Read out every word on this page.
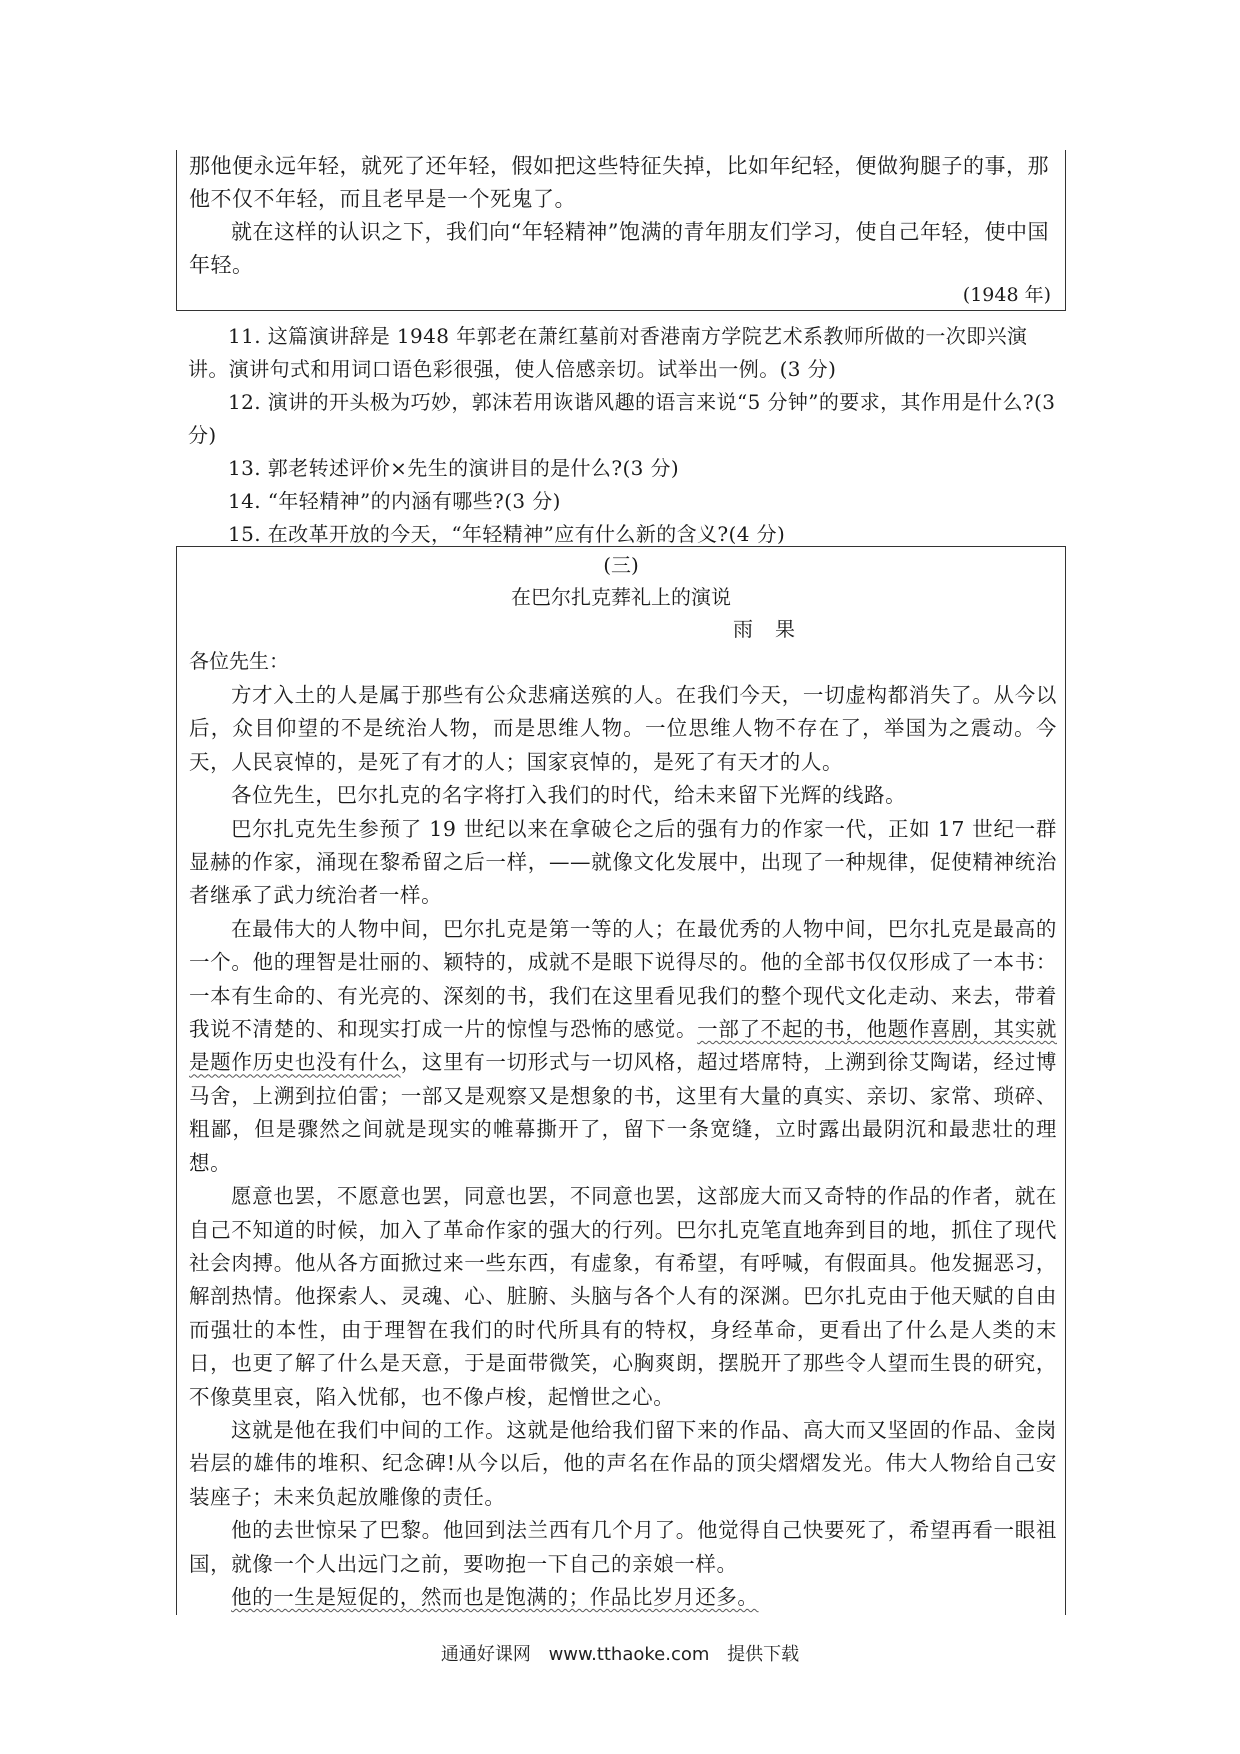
那他便永远年轻，就死了还年轻，假如把这些特征失掉，比如年纪轻，便做狗腿子的事，那他不仅不年轻，而且老早是一个死鬼了。
就在这样的认识之下，我们向“年轻精神”饱满的青年朋友们学习，使自己年轻，使中国年轻。
(1948 年)

11. 这篇演讲辞是 1948 年郭老在萧红墓前对香港南方学院艺术系教师所做的一次即兴演讲。演讲句式和用词口语色彩很强，使人倍感亲切。试举出一例。(3 分)

12. 演讲的开头极为巧妙，郭沫若用诙谐风趣的语言来说“5 分钟”的要求，其作用是什么?(3 分)

13. 郭老转述评价×先生的演讲目的是什么?(3 分)

14. “年轻精神”的内涵有哪些?(3 分)

15. 在改革开放的今天，“年轻精神”应有什么新的含义?(4 分)

(三)
在巴尔扎克葬礼上的演说
雨果
各位先生：

方才入土的人是属于那些有公众悲痛送殡的人。在我们今天，一切虚构都消失了。从今以后，众目仰望的不是统治人物，而是思维人物。一位思维人物不存在了，举国为之震动。今天，人民哀悼的，是死了有才的人；国家哀悼的，是死了有天才的人。

各位先生，巴尔扎克的名字将打入我们的时代，给未来留下光辉的线路。

巴尔扎克先生参预了 19 世纪以来在拿破仑之后的强有力的作家一代，正如 17 世纪一群显赫的作家，涌现在黎希留之后一样，——就像文化发展中，出现了一种规律，促使精神统治者继承了武力统治者一样。

在最伟大的人物中间，巴尔扎克是第一等的人；在最优秀的人物中间，巴尔扎克是最高的一个。他的理智是壮丽的、颖特的，成就不是眼下说得尽的。他的全部书仅仅形成了一本书：一本有生命的、有光亮的、深刻的书，我们在这里看见我们的整个现代文化走动、来去，带着我说不清楚的、和现实打成一片的惊惶与恐怖的感觉。一部了不起的书，他题作喜剧，其实就是题作历史也没有什么，这里有一切形式与一切风格，超过塔席特，上溯到徐艾陶诺，经过博马舍，上溯到拉伯雷；一部又是观察又是想象的书，这里有大量的真实、亲切、家常、琐碎、粗鄙，但是骤然之间就是现实的帷幕撕开了，留下一条宽缝，立时露出最阴沉和最悲壮的理想。

愿意也罢，不愿意也罢，同意也罢，不同意也罢，这部庞大而又奇特的作品的作者，就在自己不知道的时候，加入了革命作家的强大的行列。巴尔扎克笔直地奔到目的地，抓住了现代社会肉搏。他从各方面掀过来一些东西，有虚象，有希望，有呼喊，有假面具。他发掘恶习，解剖热情。他探索人、灵魂、心、脏腑、头脑与各个人有的深渊。巴尔扎克由于他天赋的自由而强壮的本性，由于理智在我们的时代所具有的特权，身经革命，更看出了什么是人类的末日，也更了解了什么是天意，于是面带微笑，心胸爽朗，摆脱开了那些令人望而生畏的研究，不像莫里哀，陷入忧郁，也不像卢梭，起憎世之心。

这就是他在我们中间的工作。这就是他给我们留下来的作品、高大而又坚固的作品、金岗岩层的雄伟的堆积、纪念碑!从今以后，他的声名在作品的顶尖熠熠发光。伟大人物给自己安装座子；未来负起放雕像的责任。

他的去世惊呆了巴黎。他回到法兰西有几个月了。他觉得自己快要死了，希望再看一眼祖国，就像一个人出远门之前，要吻抱一下自己的亲娘一样。

他的一生是短促的，然而也是饱满的；作品比岁月还多。

通通好课网 www.tthaoke.com 提供下载
